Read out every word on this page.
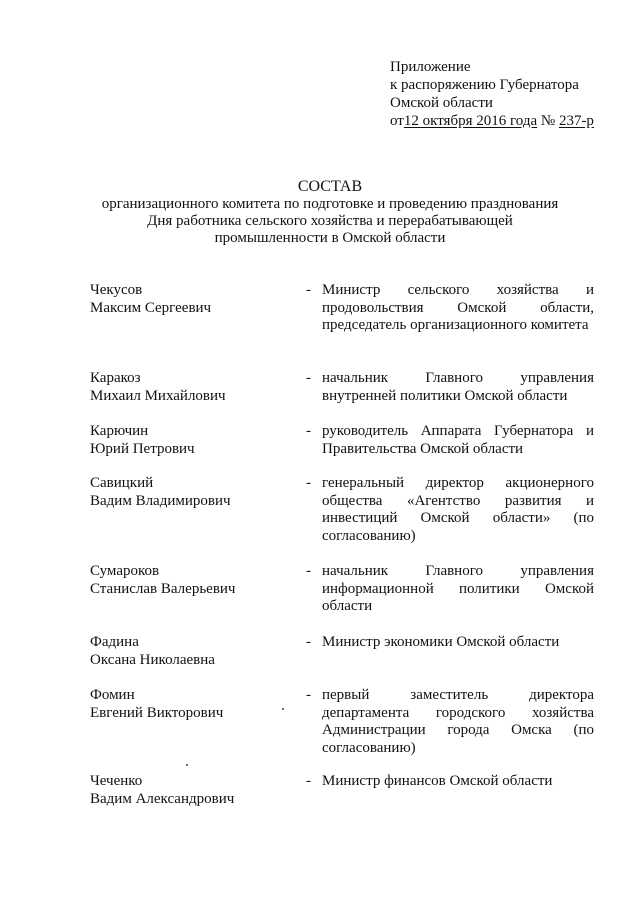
Приложение
к распоряжению Губернатора
Омской области
от12 октября 2016 года № 237-р
СОСТАВ
организационного комитета по подготовке и проведению празднования
Дня работника сельского хозяйства и перерабатывающей
промышленности в Омской области
Чекусов
Максим Сергеевич
- Министр сельского хозяйства и продовольствия Омской области, председатель организационного комитета
Каракоз
Михаил Михайлович
- начальник Главного управления внутренней политики Омской области
Карючин
Юрий Петрович
- руководитель Аппарата Губернатора и Правительства Омской области
Савицкий
Вадим Владимирович
- генеральный директор акционерного общества «Агентство развития и инвестиций Омской области» (по согласованию)
Сумароков
Станислав Валерьевич
- начальник Главного управления информационной политики Омской области
Фадина
Оксана Николаевна
- Министр экономики Омской области
Фомин
Евгений Викторович
- первый заместитель директора департамента городского хозяйства Администрации города Омска (по согласованию)
Чеченко
Вадим Александрович
- Министр финансов Омской области
